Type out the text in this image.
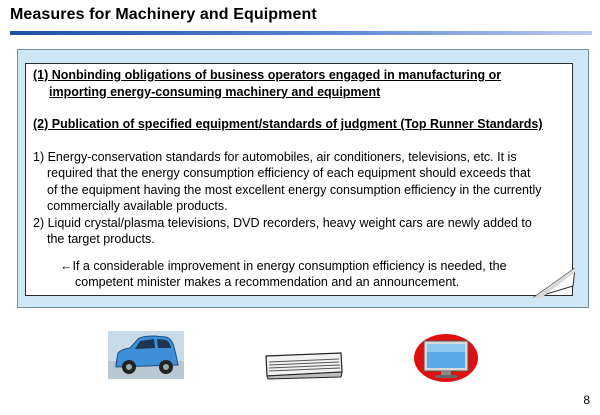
Measures for Machinery and Equipment
(1) Nonbinding obligations of business operators engaged in manufacturing or
importing energy-consuming machinery and equipment
(2) Publication of specified equipment/standards of judgment (Top Runner Standards)
1) Energy-conservation standards for automobiles, air conditioners, televisions, etc. It is
required that the energy consumption efficiency of each equipment should exceeds that
of the equipment having the most excellent energy consumption efficiency in the currently
commercially available products.
2) Liquid crystal/plasma televisions, DVD recorders, heavy weight cars are newly added to
the target products.
←If a considerable improvement in energy consumption efficiency is needed, the
competent minister makes a recommendation and an announcement.
8
